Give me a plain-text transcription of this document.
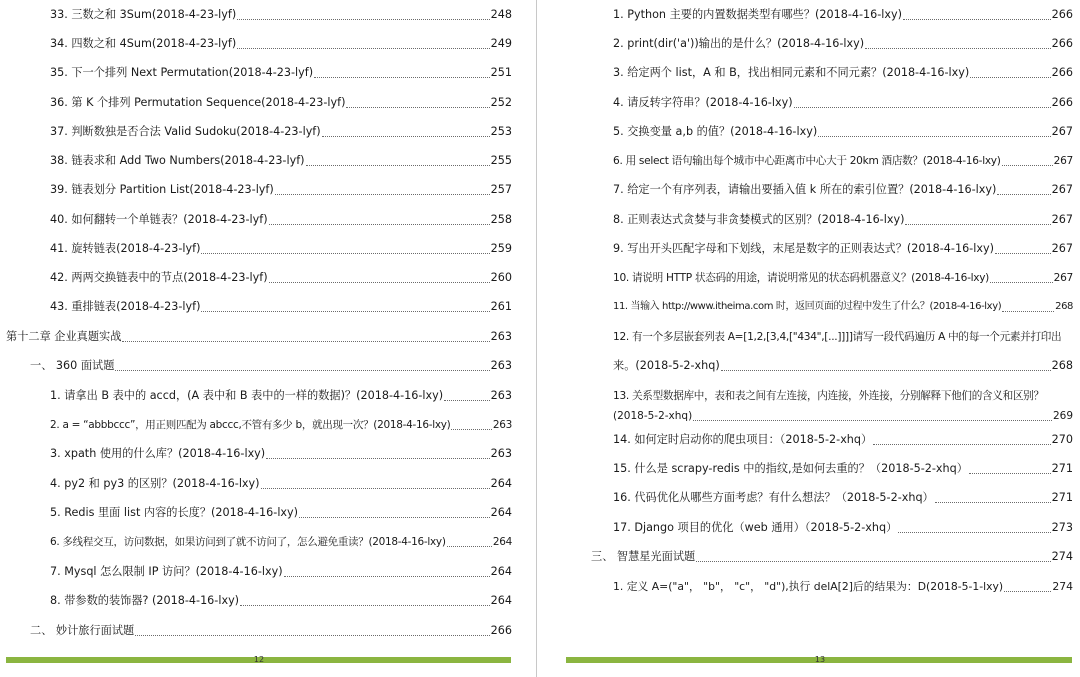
33. 三数之和 3Sum(2018-4-23-lyf)	248
34. 四数之和 4Sum(2018-4-23-lyf)	249
35. 下一个排列 Next Permutation(2018-4-23-lyf)	251
36. 第 K 个排列 Permutation Sequence(2018-4-23-lyf)	252
37. 判断数独是否合法 Valid Sudoku(2018-4-23-lyf)	253
38. 链表求和 Add Two Numbers(2018-4-23-lyf)	255
39. 链表划分 Partition List(2018-4-23-lyf)	257
40. 如何翻转一个单链表？(2018-4-23-lyf)	258
41. 旋转链表(2018-4-23-lyf)	259
42. 两两交换链表中的节点(2018-4-23-lyf)	260
43. 重排链表(2018-4-23-lyf)	261
第十二章 企业真题实战	263
一、 360 面试题	263
1. 请拿出 B 表中的 accd，(A 表中和 B 表中的一样的数据)？(2018-4-16-lxy)	263
2. a = “abbbccc”，用正则匹配为 abccc,不管有多少 b，就出现一次？(2018-4-16-lxy)	263
3. xpath 使用的什么库？(2018-4-16-lxy)	263
4. py2 和 py3 的区别？(2018-4-16-lxy)	264
5. Redis 里面 list 内容的长度？(2018-4-16-lxy)	264
6. 多线程交互，访问数据，如果访问到了就不访问了，怎么避免重读？(2018-4-16-lxy)	264
7. Mysql 怎么限制 IP 访问？(2018-4-16-lxy)	264
8. 带参数的装饰器? (2018-4-16-lxy)	264
二、 妙计旅行面试题	266
12
1. Python 主要的内置数据类型有哪些？(2018-4-16-lxy)	266
2. print(dir('a'))输出的是什么？(2018-4-16-lxy)	266
3. 给定两个 list，A 和 B，找出相同元素和不同元素？(2018-4-16-lxy)	266
4. 请反转字符串？(2018-4-16-lxy)	266
5. 交换变量 a,b 的值？(2018-4-16-lxy)	267
6. 用 select 语句输出每个城市中心距离市中心大于 20km 酒店数？(2018-4-16-lxy)	267
7. 给定一个有序列表，请输出要插入值 k 所在的索引位置？(2018-4-16-lxy)	267
8. 正则表达式贪婪与非贪婪模式的区别？(2018-4-16-lxy)	267
9. 写出开头匹配字母和下划线，末尾是数字的正则表达式？(2018-4-16-lxy)	267
10. 请说明 HTTP 状态码的用途，请说明常见的状态码机器意义？(2018-4-16-lxy)	267
11. 当输入 http://www.itheima.com 时，返回页面的过程中发生了什么？(2018-4-16-lxy)	268
12. 有一个多层嵌套列表 A=[1,2,[3,4,["434",[...]]]]请写一段代码遍历 A 中的每一个元素并打印出
来。(2018-5-2-xhq)	268
13. 关系型数据库中，表和表之间有左连接，内连接，外连接，分别解释下他们的含义和区别？
(2018-5-2-xhq)	269
14. 如何定时启动你的爬虫项目：（2018-5-2-xhq）	270
15. 什么是 scrapy-redis 中的指纹,是如何去重的？（2018-5-2-xhq）	271
16. 代码优化从哪些方面考虑？有什么想法？（2018-5-2-xhq）	271
17. Django 项目的优化（web 通用）（2018-5-2-xhq）	273
三、 智慧星光面试题	274
1. 定义 A=("a"， "b"， "c"， "d"),执行 delA[2]后的结果为：D(2018-5-1-lxy)	274
13
